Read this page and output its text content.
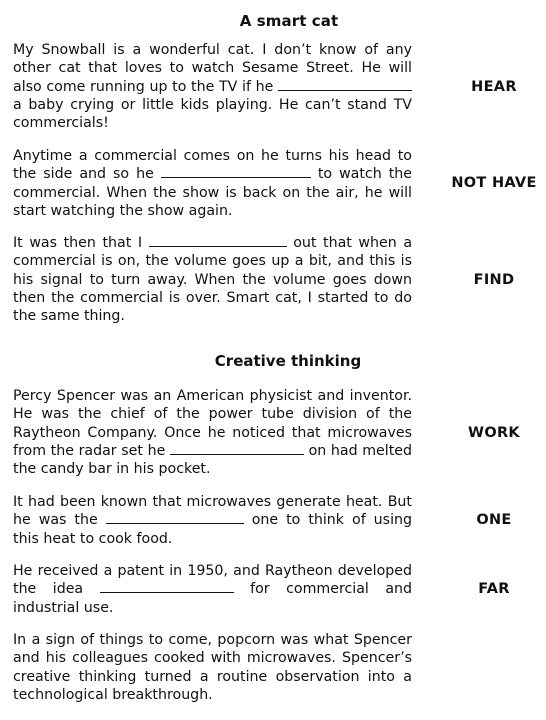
A smart cat
My Snowball is a wonderful cat. I don’t know of any other cat that loves to watch Sesame Street. He will also come running up to the TV if he  a baby crying or little kids playing. He can’t stand TV commercials!
HEAR
Anytime a commercial comes on he turns his head to the side and so he	to watch the commercial. When the show is back on the air, he will start watching the show again.
NOT HAVE
It was then that I	out that when a commercial is on, the volume goes up a bit, and this is his signal to turn away. When the volume goes down then the commercial is over. Smart cat, I started to do the same thing.
FIND
Creative thinking
Percy Spencer was an American physicist and inventor. He was the chief of the power tube division of the Raytheon Company. Once he noticed that microwaves from the radar set he	on had melted the candy bar in his pocket.
WORK
It had been known that microwaves generate heat. But he was the	one to think of using this heat to cook food.
ONE
He received a patent in 1950, and Raytheon developed the idea	for commercial and industrial use.
FAR
In a sign of things to come, popcorn was what Spencer and his colleagues cooked with microwaves. Spencer’s creative thinking turned a routine observation into a technological breakthrough.
